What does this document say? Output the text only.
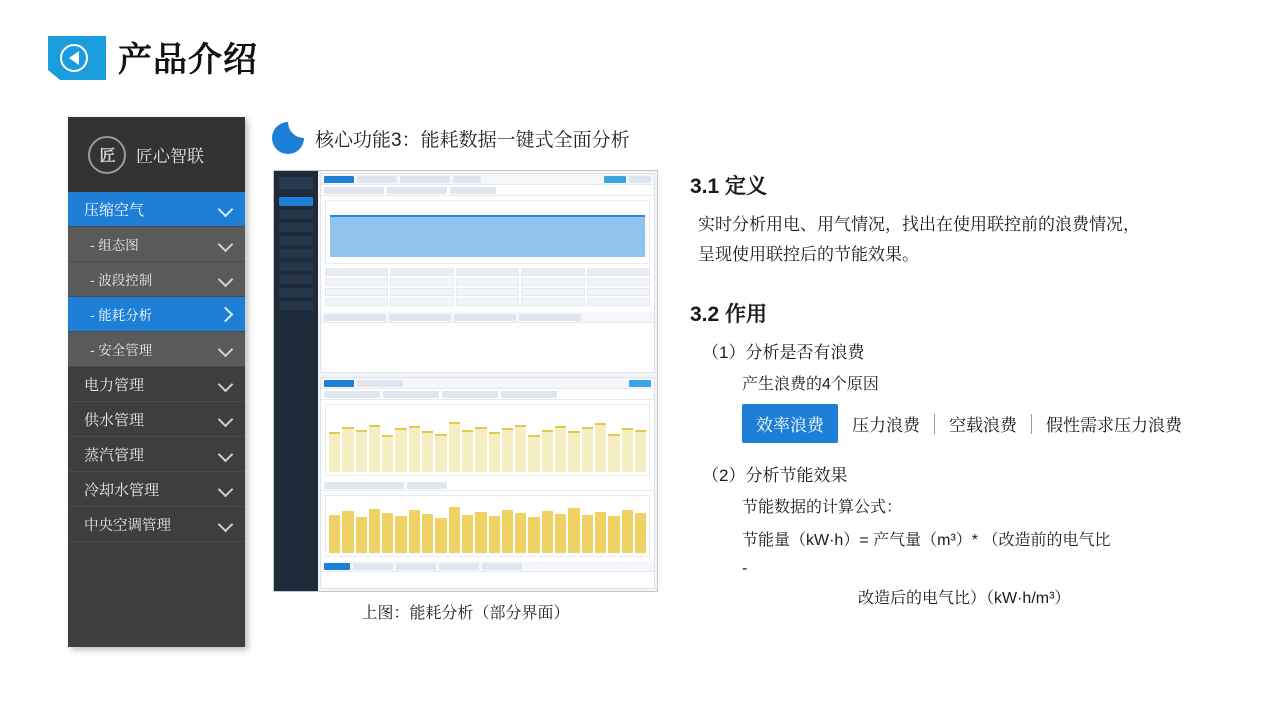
产品介绍
匠	匠心智联
压缩空气
- 组态图
- 波段控制
- 能耗分析
- 安全管理
电力管理
供水管理
蒸汽管理
冷却水管理
中央空调管理
核心功能3：能耗数据一键式全面分析
上图：能耗分析（部分界面）
3.1 定义
实时分析用电、用气情况，找出在使用联控前的浪费情况，
呈现使用联控后的节能效果。
3.2 作用
（1）分析是否有浪费
产生浪费的4个原因
效率浪费	压力浪费	空载浪费	假性需求压力浪费
（2）分析节能效果
节能数据的计算公式：
节能量（kW·h）= 产气量（m³）* （改造前的电气比
-
改造后的电气比）（kW·h/m³）
